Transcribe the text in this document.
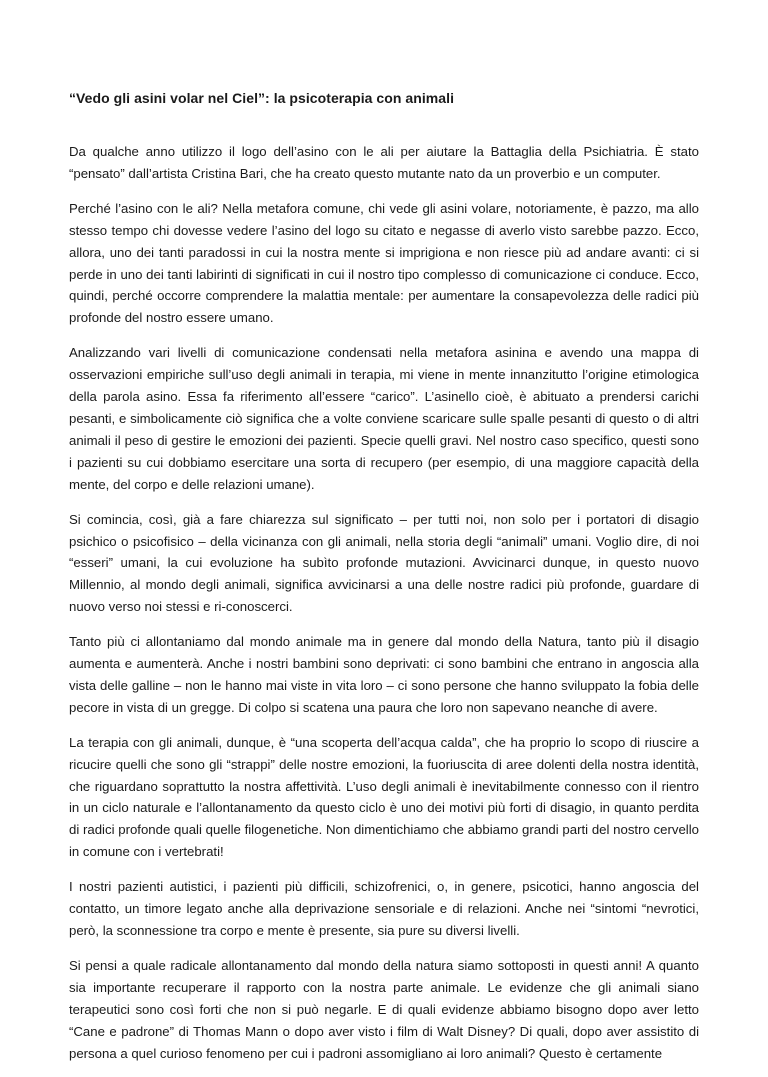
“Vedo gli asini volar nel Ciel”: la psicoterapia con animali

Da qualche anno utilizzo il logo dell’asino con le ali per aiutare la Battaglia della Psichiatria. È stato “pensato” dall’artista Cristina Bari, che ha creato questo mutante nato da un proverbio e un computer.

Perché l’asino con le ali? Nella metafora comune, chi vede gli asini volare, notoriamente, è pazzo, ma allo stesso tempo chi dovesse vedere l’asino del logo su citato e negasse di averlo visto sarebbe pazzo. Ecco, allora, uno dei tanti paradossi in cui la nostra mente si imprigiona e non riesce più ad andare avanti: ci si perde in uno dei tanti labirinti di significati in cui il nostro tipo complesso di comunicazione ci conduce. Ecco, quindi, perché occorre comprendere la malattia mentale: per aumentare la consapevolezza delle radici più profonde del nostro essere umano.

Analizzando vari livelli di comunicazione condensati nella metafora asinina e avendo una mappa di osservazioni empiriche sull’uso degli animali in terapia, mi viene in mente innanzitutto l’origine etimologica della parola asino. Essa fa riferimento all’essere “carico”. L’asinello cioè, è abituato a prendersi carichi pesanti, e simbolicamente ciò significa che a volte conviene scaricare sulle spalle pesanti di questo o di altri animali il peso di gestire le emozioni dei pazienti. Specie quelli gravi. Nel nostro caso specifico, questi sono i pazienti su cui dobbiamo esercitare una sorta di recupero (per esempio, di una maggiore capacità della mente, del corpo e delle relazioni umane).

Si comincia, così, già a fare chiarezza sul significato – per tutti noi, non solo per i portatori di disagio psichico o psicofisico – della vicinanza con gli animali, nella storia degli “animali” umani. Voglio dire, di noi “esseri” umani, la cui evoluzione ha subìto profonde mutazioni. Avvicinarci dunque, in questo nuovo Millennio, al mondo degli animali, significa avvicinarsi a una delle nostre radici più profonde, guardare di nuovo verso noi stessi e ri-conoscerci.

Tanto più ci allontaniamo dal mondo animale ma in genere dal mondo della Natura, tanto più il disagio aumenta e aumenterà. Anche i nostri bambini sono deprivati: ci sono bambini che entrano in angoscia alla vista delle galline – non le hanno mai viste in vita loro – ci sono persone che hanno sviluppato la fobia delle pecore in vista di un gregge. Di colpo si scatena una paura che loro non sapevano neanche di avere.

La terapia con gli animali, dunque, è “una scoperta dell’acqua calda”, che ha proprio lo scopo di riuscire a ricucire quelli che sono gli “strappi” delle nostre emozioni, la fuoriuscita di aree dolenti della nostra identità, che riguardano soprattutto la nostra affettività. L’uso degli animali è inevitabilmente connesso con il rientro in un ciclo naturale e l’allontanamento da questo ciclo è uno dei motivi più forti di disagio, in quanto perdita di radici profonde quali quelle filogenetiche. Non dimentichiamo che abbiamo grandi parti del nostro cervello in comune con i vertebrati!

I nostri pazienti autistici, i pazienti più difficili, schizofrenici, o, in genere, psicotici, hanno angoscia del contatto, un timore legato anche alla deprivazione sensoriale e di relazioni. Anche nei “sintomi “nevrotici, però, la sconnessione tra corpo e mente è presente, sia pure su diversi livelli.

Si pensi a quale radicale allontanamento dal mondo della natura siamo sottoposti in questi anni! A quanto sia importante recuperare il rapporto con la nostra parte animale. Le evidenze che gli animali siano terapeutici sono così forti che non si può negarle. E di quali evidenze abbiamo bisogno dopo aver letto “Cane e padrone” di Thomas Mann o dopo aver visto i film di Walt Disney? Di quali, dopo aver assistito di persona a quel curioso fenomeno per cui i padroni assomigliano ai loro animali? Questo è certamente
